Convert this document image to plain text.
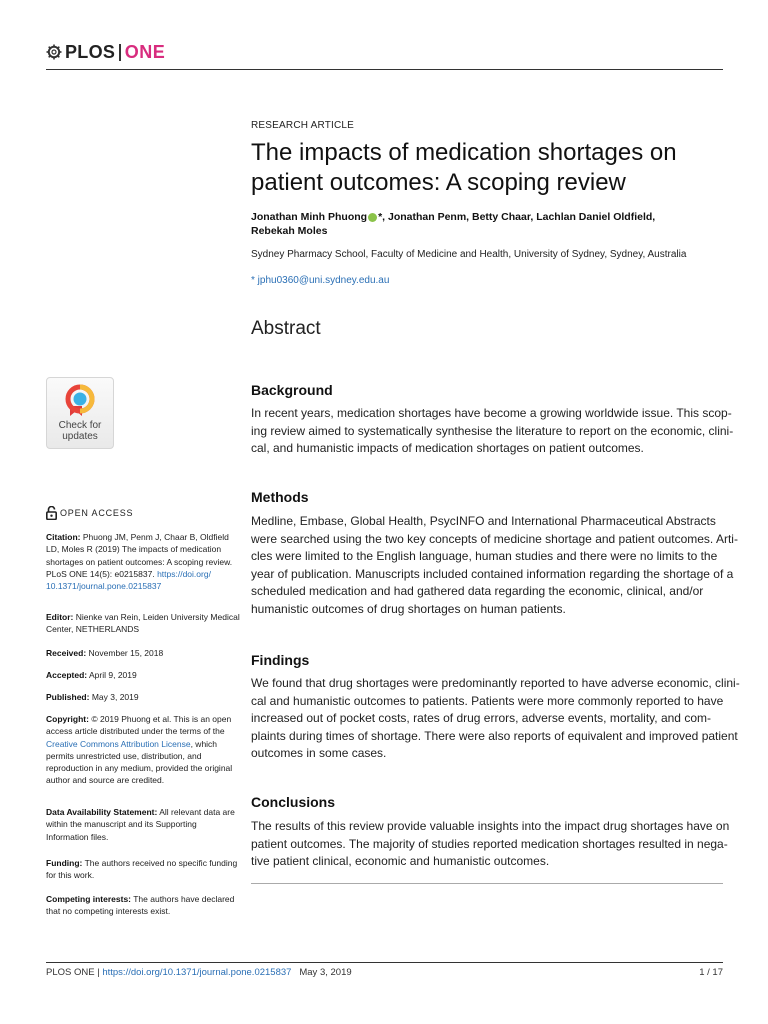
PLOS ONE
RESEARCH ARTICLE
The impacts of medication shortages on
patient outcomes: A scoping review
Jonathan Minh Phuong *, Jonathan Penm, Betty Chaar, Lachlan Daniel Oldfield,
Rebekah Moles
Sydney Pharmacy School, Faculty of Medicine and Health, University of Sydney, Sydney, Australia
* jphu0360@uni.sydney.edu.au
Abstract
Check for
updates
Background
In recent years, medication shortages have become a growing worldwide issue. This scop-
ing review aimed to systematically synthesise the literature to report on the economic, clini-
cal, and humanistic impacts of medication shortages on patient outcomes.
Methods
Medline, Embase, Global Health, PsycINFO and International Pharmaceutical Abstracts
were searched using the two key concepts of medicine shortage and patient outcomes. Arti-
cles were limited to the English language, human studies and there were no limits to the
year of publication. Manuscripts included contained information regarding the shortage of a
scheduled medication and had gathered data regarding the economic, clinical, and/or
humanistic outcomes of drug shortages on human patients.
Findings
We found that drug shortages were predominantly reported to have adverse economic, clini-
cal and humanistic outcomes to patients. Patients were more commonly reported to have
increased out of pocket costs, rates of drug errors, adverse events, mortality, and com-
plaints during times of shortage. There were also reports of equivalent and improved patient
outcomes in some cases.
Conclusions
The results of this review provide valuable insights into the impact drug shortages have on
patient outcomes. The majority of studies reported medication shortages resulted in nega-
tive patient clinical, economic and humanistic outcomes.
OPEN ACCESS
Citation: Phuong JM, Penm J, Chaar B, Oldfield
LD, Moles R (2019) The impacts of medication
shortages on patient outcomes: A scoping review.
PLoS ONE 14(5): e0215837. https://doi.org/
10.1371/journal.pone.0215837
Editor: Nienke van Rein, Leiden University Medical
Center, NETHERLANDS
Received: November 15, 2018
Accepted: April 9, 2019
Published: May 3, 2019
Copyright: © 2019 Phuong et al. This is an open
access article distributed under the terms of the
Creative Commons Attribution License, which
permits unrestricted use, distribution, and
reproduction in any medium, provided the original
author and source are credited.
Data Availability Statement: All relevant data are
within the manuscript and its Supporting
Information files.
Funding: The authors received no specific funding
for this work.
Competing interests: The authors have declared
that no competing interests exist.
PLOS ONE | https://doi.org/10.1371/journal.pone.0215837 May 3, 2019	1 / 17
